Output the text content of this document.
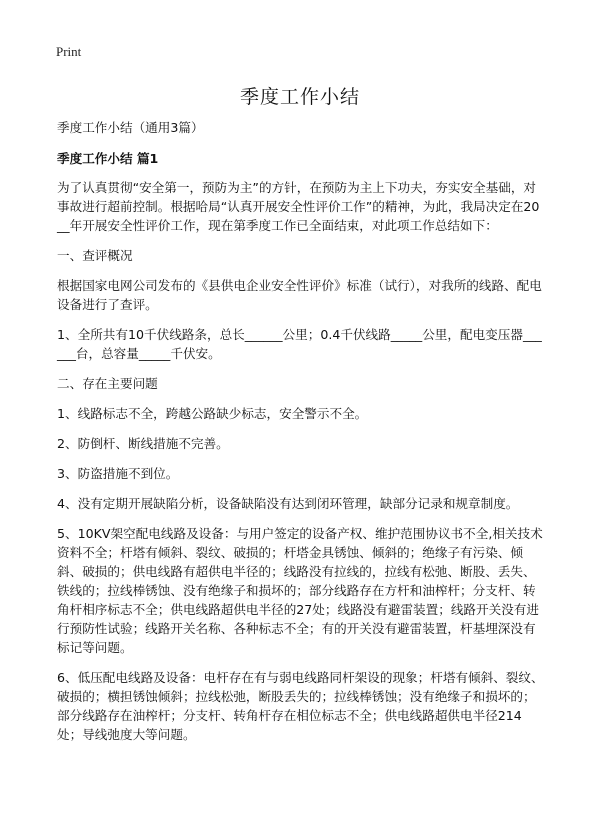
Print
季度工作小结

季度工作小结（通用3篇）

季度工作小结 篇1

为了认真贯彻“安全第一，预防为主”的方针，在预防为主上下功夫，夯实安全基础，对事故进行超前控制。根据哈局“认真开展安全性评价工作”的精神，为此，我局决定在20__年开展安全性评价工作，现在第季度工作已全面结束，对此项工作总结如下：

一、查评概况

根据国家电网公司发布的《县供电企业安全性评价》标准（试行），对我所的线路、配电设备进行了查评。

1、全所共有10千伏线路条，总长______公里；0.4千伏线路_____公里，配电变压器______台，总容量_____千伏安。

二、存在主要问题

1、线路标志不全，跨越公路缺少标志，安全警示不全。

2、防倒杆、断线措施不完善。

3、防盗措施不到位。

4、没有定期开展缺陷分析，设备缺陷没有达到闭环管理，缺部分记录和规章制度。

5、10KV架空配电线路及设备：与用户签定的设备产权、维护范围协议书不全,相关技术资料不全；杆塔有倾斜、裂纹、破损的；杆塔金具锈蚀、倾斜的；绝缘子有污染、倾斜、破损的；供电线路有超供电半径的；线路没有拉线的，拉线有松弛、断股、丢失、铁线的；拉线棒锈蚀、没有绝缘子和损坏的；部分线路存在方杆和油榨杆；分支杆、转角杆相序标志不全；供电线路超供电半径的27处；线路没有避雷装置；线路开关没有进行预防性试验；线路开关名称、各种标志不全；有的开关没有避雷装置，杆基埋深没有标记等问题。

6、低压配电线路及设备：电杆存在有与弱电线路同杆架设的现象；杆塔有倾斜、裂纹、破损的；横担锈蚀倾斜；拉线松弛，断股丢失的；拉线棒锈蚀；没有绝缘子和损坏的；部分线路存在油榨杆；分支杆、转角杆存在相位标志不全；供电线路超供电半径214处；导线弛度大等问题。
